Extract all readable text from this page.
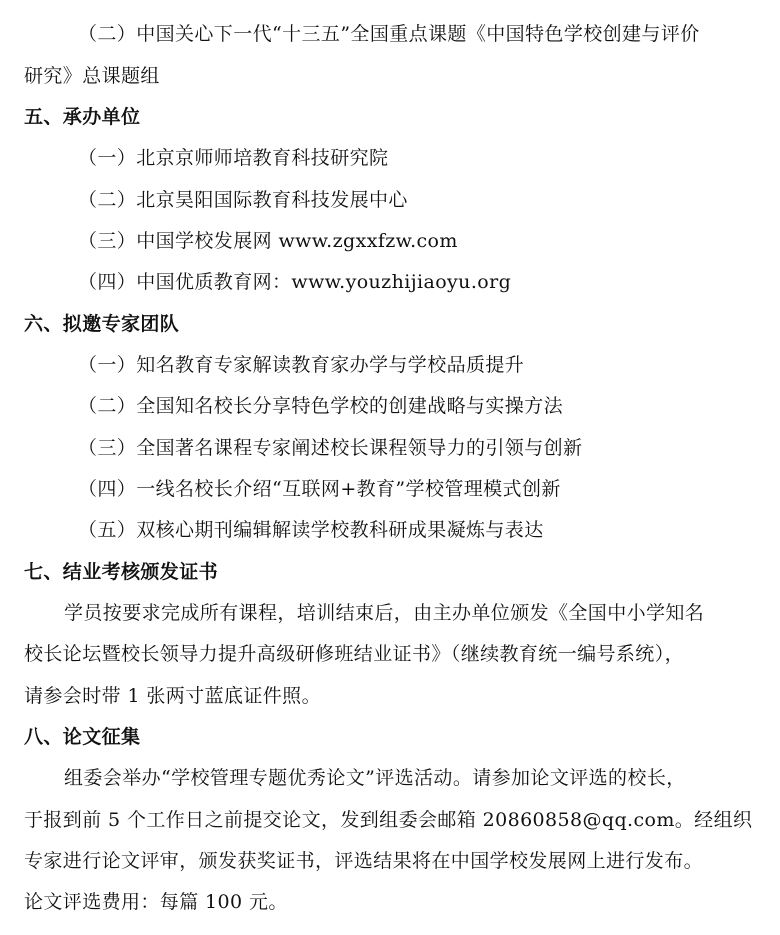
（二）中国关心下一代“十三五”全国重点课题《中国特色学校创建与评价
研究》总课题组
五、承办单位
（一）北京京师师培教育科技研究院
（二）北京昊阳国际教育科技发展中心
（三）中国学校发展网 www.zgxxfzw.com
（四）中国优质教育网：www.youzhijiaoyu.org
六、拟邀专家团队
（一）知名教育专家解读教育家办学与学校品质提升
（二）全国知名校长分享特色学校的创建战略与实操方法
（三）全国著名课程专家阐述校长课程领导力的引领与创新
（四）一线名校长介绍“互联网+教育”学校管理模式创新
（五）双核心期刊编辑解读学校教科研成果凝炼与表达
七、结业考核颁发证书
学员按要求完成所有课程，培训结束后，由主办单位颁发《全国中小学知名
校长论坛暨校长领导力提升高级研修班结业证书》（继续教育统一编号系统），
请参会时带 1 张两寸蓝底证件照。
八、论文征集
组委会举办“学校管理专题优秀论文”评选活动。请参加论文评选的校长，
于报到前 5 个工作日之前提交论文，发到组委会邮箱 20860858@qq.com。经组织
专家进行论文评审，颁发获奖证书，评选结果将在中国学校发展网上进行发布。
论文评选费用：每篇 100 元。
